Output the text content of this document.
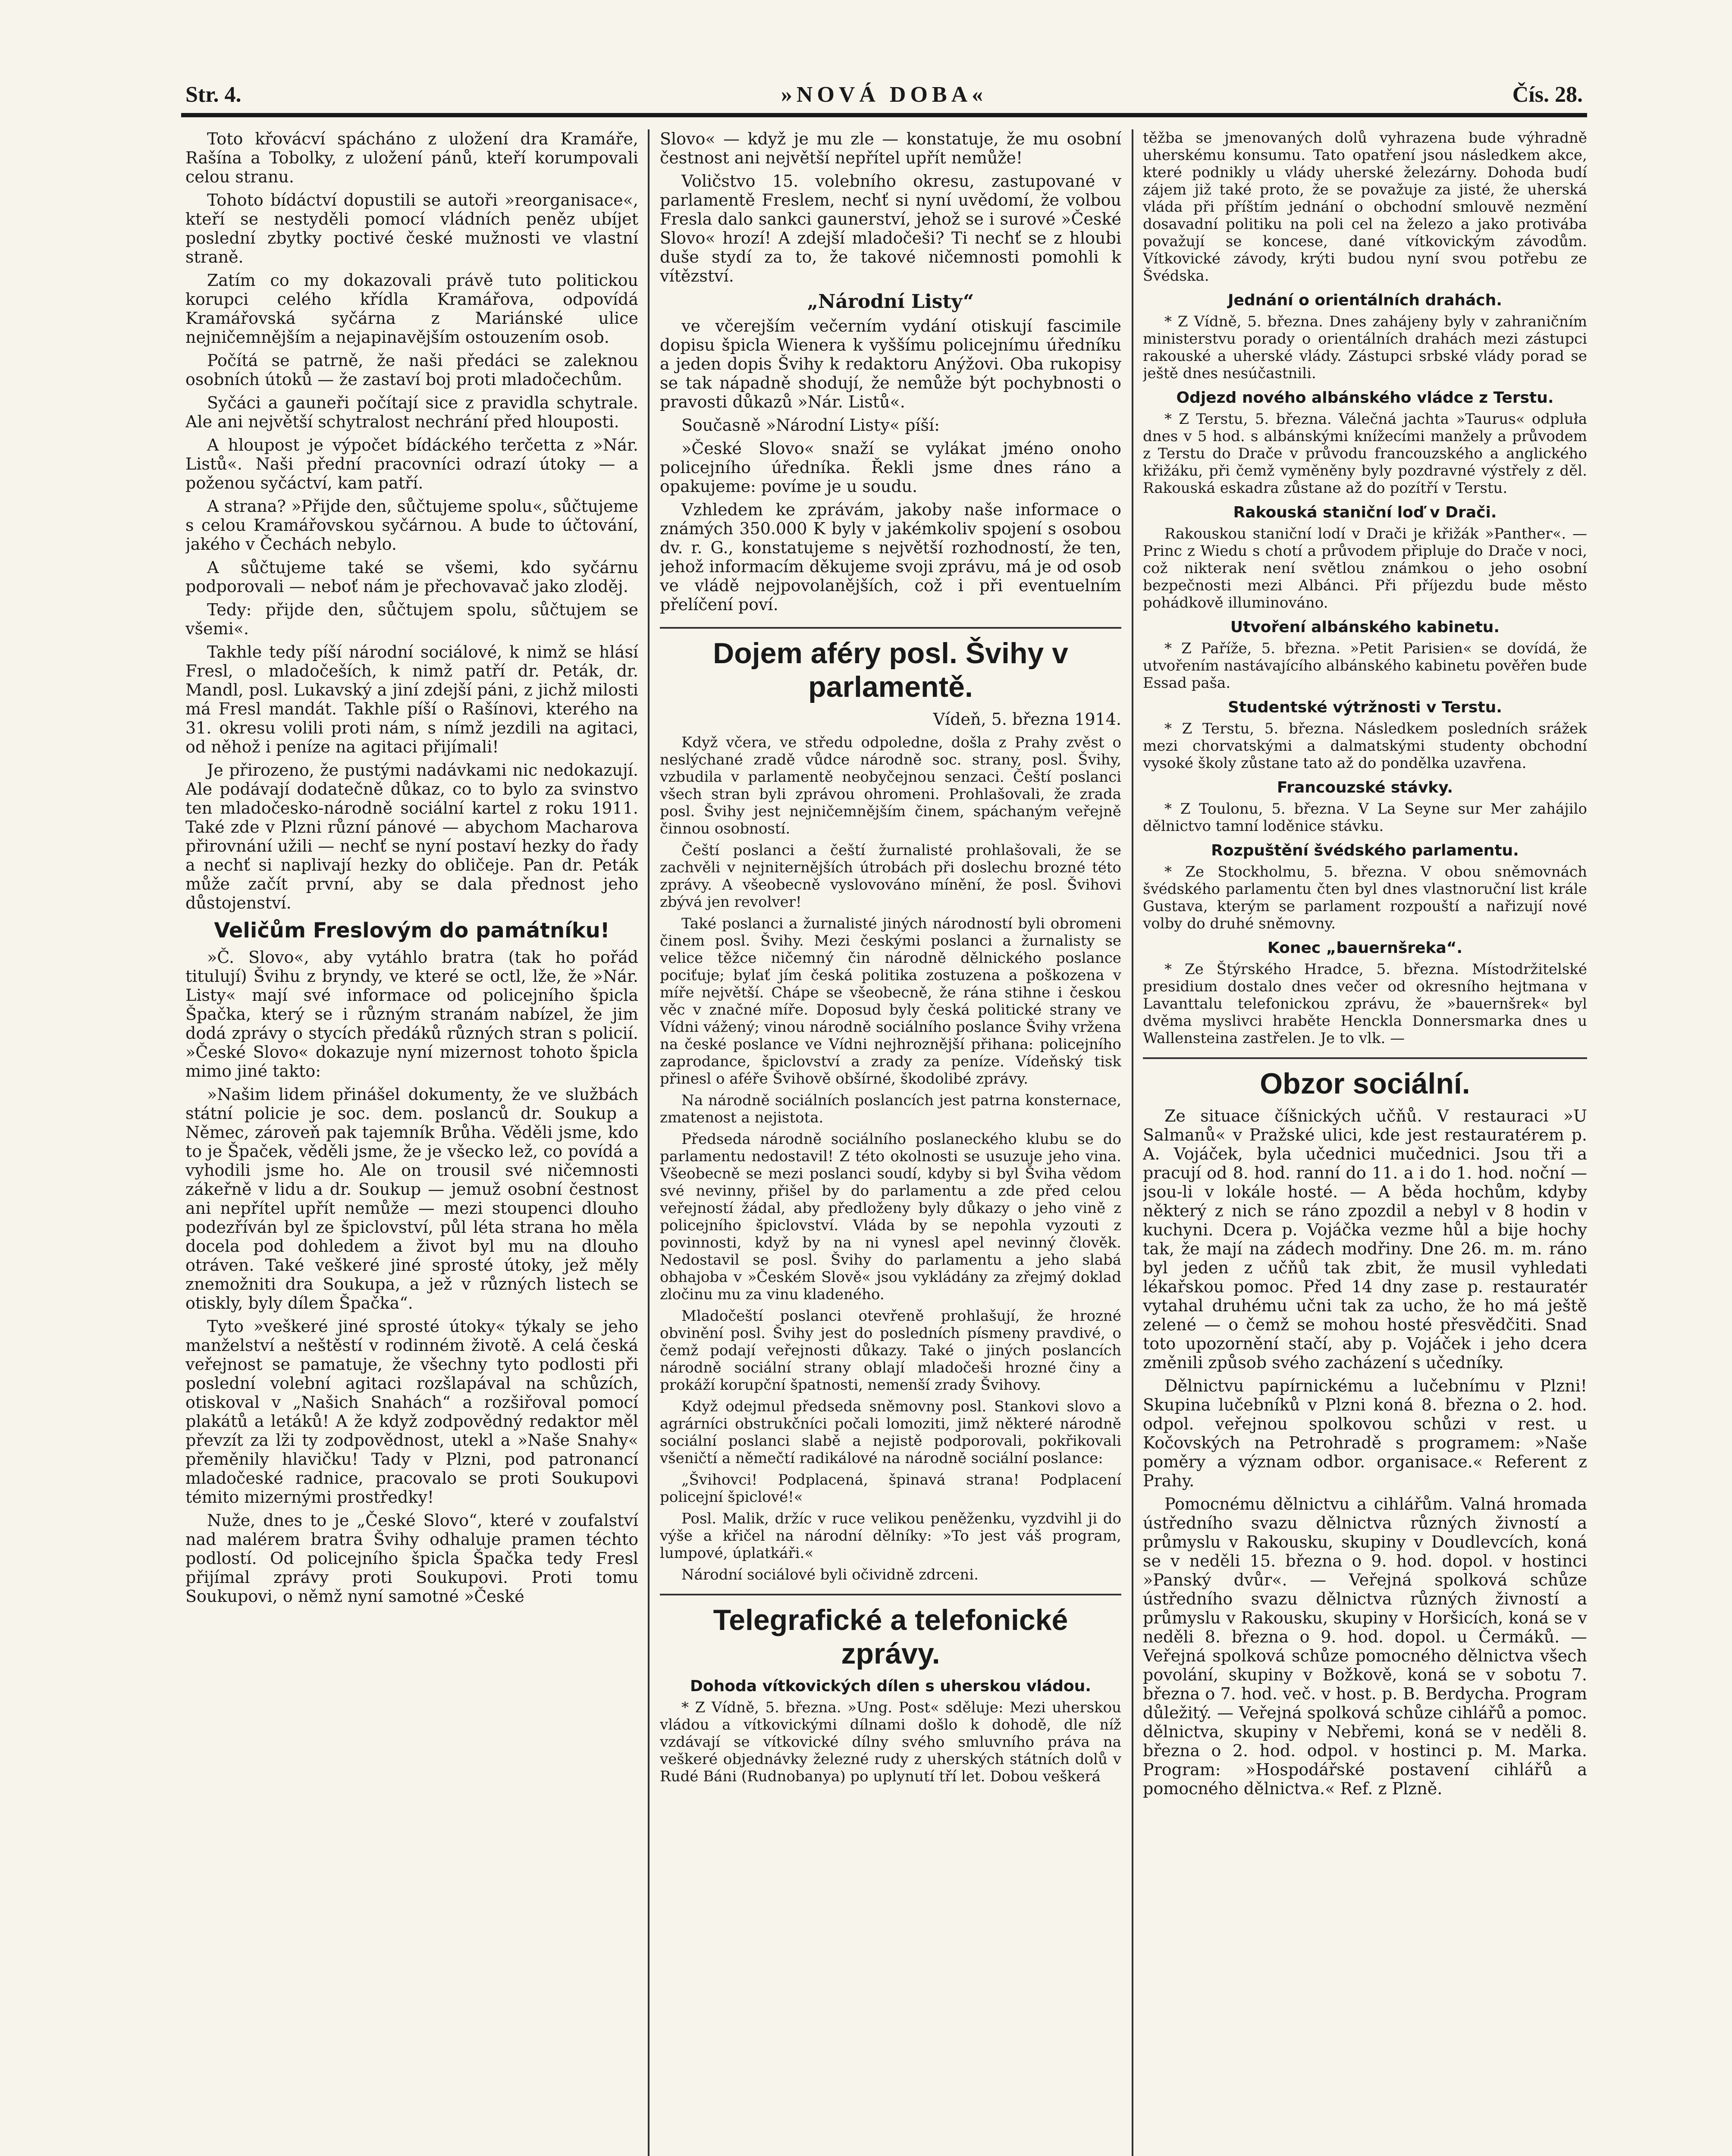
Str. 4.	»NOVÁ DOBA«	Čís. 28.

Toto křovácví spácháno z uložení dra Kramáře, Rašína a Tobolky, z uložení pánů, kteří korumpovali celou stranu.

Tohoto bídáctví dopustili se autoři »reorganisace«, kteří se nestyděli pomocí vládních peněz ubíjet poslední zbytky poctivé české mužnosti ve vlastní straně.

Zatím co my dokazovali právě tuto politickou korupci celého křídla Kramářova, odpovídá Kramářovská syčárna z Mariánské ulice nejničemnějším a nejapinavějším ostouzením osob.

Počítá se patrně, že naši předáci se zaleknou osobních útoků — že zastaví boj proti mladočechům.

Syčáci a gauneři počítají sice z pravidla schytrale. Ale ani největší schytralost nechrání před hlouposti.

A hloupost je výpočet bídáckého terčetta z »Nár. Listů«. Naši přední pracovníci odrazí útoky — a poženou syčáctví, kam patří.

A strana? »Přijde den, sůčtujeme spolu«, sůčtujeme s celou Kramářovskou syčárnou. A bude to účtování, jakého v Čechách nebylo.

A sůčtujeme také se všemi, kdo syčárnu podporovali — neboť nám je přechovavač jako zloděj.

Tedy: přijde den, sůčtujem spolu, sůčtujem se všemi«.

Takhle tedy píší národní sociálové, k nimž se hlásí Fresl, o mladočeších, k nimž patří dr. Peták, dr. Mandl, posl. Lukavský a jiní zdejší páni, z jichž milosti má Fresl mandát. Takhle píší o Rašínovi, kterého na 31. okresu volili proti nám, s nímž jezdili na agitaci, od něhož i peníze na agitaci přijímali!

Je přirozeno, že pustými nadávkami nic nedokazují. Ale podávají dodatečně důkaz, co to bylo za svinstvo ten mladočesko-národně sociální kartel z roku 1911. Také zde v Plzni různí pánové — abychom Macharova přirovnání užili — nechť se nyní postaví hezky do řady a nechť si naplivají hezky do obličeje. Pan dr. Peták může začít první, aby se dala přednost jeho důstojenství.

Veličům Freslovým do památníku!

»Č. Slovo«, aby vytáhlo bratra (tak ho pořád titulují) Švihu z bryndy, ve které se octl, lže, že »Nár. Listy« mají své informace od policejního špicla Špačka, který se i různým stranám nabízel, že jim dodá zprávy o stycích předáků různých stran s policií. »České Slovo« dokazuje nyní mizernost tohoto špicla mimo jiné takto:

»Našim lidem přinášel dokumenty, že ve službách státní policie je soc. dem. poslanců dr. Soukup a Němec, zároveň pak tajemník Brůha. Věděli jsme, kdo to je Špaček, věděli jsme, že je všecko lež, co povídá a vyhodili jsme ho. Ale on trousil své ničemnosti zákeřně v lidu a dr. Soukup — jemuž osobní čestnost ani nepřítel upřít nemůže — mezi stoupenci dlouho podezříván byl ze špiclovství, půl léta strana ho měla docela pod dohledem a život byl mu na dlouho otráven. Také veškeré jiné sprosté útoky, jež měly znemožniti dra Soukupa, a jež v různých listech se otiskly, byly dílem Špačka“.

Tyto »veškeré jiné sprosté útoky« týkaly se jeho manželství a neštěstí v rodinném životě. A celá česká veřejnost se pamatuje, že všechny tyto podlosti při poslední volební agitaci rozšlapával na schůzích, otiskoval v „Našich Snahách“ a rozšiřoval pomocí plakátů a letáků! A že když zodpovědný redaktor měl převzít za lži ty zodpovědnost, utekl a »Naše Snahy« přeměnily hlavičku! Tady v Plzni, pod patronancí mladočeské radnice, pracovalo se proti Soukupovi témito mizernými prostředky!

Nuže, dnes to je „České Slovo“, které v zoufalství nad malérem bratra Švihy odhaluje pramen téchto podlostí. Od policejního špicla Špačka tedy Fresl přijímal zprávy proti Soukupovi. Proti tomu Soukupovi, o němž nyní samotné »České

Slovo« — když je mu zle — konstatuje, že mu osobní čestnost ani největší nepřítel upřít nemůže!

Voličstvo 15. volebního okresu, zastupované v parlamentě Freslem, nechť si nyní uvědomí, že volbou Fresla dalo sankci gaunerství, jehož se i surové »České Slovo« hrozí! A zdejší mladočeši? Ti nechť se z hloubi duše stydí za to, že takové ničemnosti pomohli k vítězství.

„Národní Listy“

ve včerejším večerním vydání otiskují fascimile dopisu špicla Wienera k vyššímu policejnímu úředníku a jeden dopis Švihy k redaktoru Anýžovi. Oba rukopisy se tak nápadně shodují, že nemůže být pochybnosti o pravosti důkazů »Nár. Listů«.

Současně »Národní Listy« píší:

»České Slovo« snaží se vylákat jméno onoho policejního úředníka. Řekli jsme dnes ráno a opakujeme: povíme je u soudu.

Vzhledem ke zprávám, jakoby naše informace o známých 350.000 K byly v jakémkoliv spojení s osobou dv. r. G., konstatujeme s největší rozhodností, že ten, jehož informacím děkujeme svoji zprávu, má je od osob ve vládě nejpovolanějších, což i při eventuelním přelíčení poví.

Dojem aféry posl. Švihy v parlamentě.
Vídeň, 5. března 1914.

Když včera, ve středu odpoledne, došla z Prahy zvěst o neslýchané zradě vůdce národně soc. strany, posl. Švihy, vzbudila v parlamentě neobyčejnou senzaci. Čeští poslanci všech stran byli zprávou ohromeni. Prohlašovali, že zrada posl. Švihy jest nejničemnějším činem, spáchaným veřejně činnou osobností.

Čeští poslanci a čeští žurnalisté prohlašovali, že se zachvěli v nejniternějších útrobách při doslechu brozné této zprávy. A všeobecně vyslovováno mínění, že posl. Švihovi zbývá jen revolver!

Také poslanci a žurnalisté jiných národností byli obromeni činem posl. Švihy. Mezi českými poslanci a žurnalisty se velice těžce ničemný čin národně dělnického poslance pociťuje; bylať jím česká politika zostuzena a poškozena v míře největší. Chápe se všeobecně, že rána stihne i českou věc v značné míře. Doposud byly česká politické strany ve Vídni vážený; vinou národně sociálního poslance Švihy vržena na české poslance ve Vídni nejhroznější přihana: policejního zaprodance, špiclovství a zrady za peníze. Vídeňský tisk přinesl o aféře Švihově obšírné, škodolibé zprávy.

Na národně sociálních poslancích jest patrna konsternace, zmatenost a nejistota.

Předseda národně sociálního poslaneckého klubu se do parlamentu nedostavil! Z této okolnosti se usuzuje jeho vina. Všeobecně se mezi poslanci soudí, kdyby si byl Šviha vědom své nevinny, přišel by do parlamentu a zde před celou veřejností žádal, aby předloženy byly důkazy o jeho vině z policejního špiclovství. Vláda by se nepohla vyzouti z povinnosti, když by na ni vynesl apel nevinný člověk. Nedostavil se posl. Švihy do parlamentu a jeho slabá obhajoba v »Českém Slově« jsou vykládány za zřejmý doklad zločinu mu za vinu kladeného.

Mladočeští poslanci otevřeně prohlašují, že hrozné obvinění posl. Švihy jest do posledních písmeny pravdivé, o čemž podají veřejnosti důkazy. Také o jiných poslancích národně sociální strany oblají mladočeši hrozné činy a prokáží korupční špatnosti, nemenší zrady Švihovy.

Když odejmul předseda sněmovny posl. Stankovi slovo a agrárníci obstrukčníci počali lomoziti, jimž některé národně sociální poslanci slabě a nejistě podporovali, pokřikovali všeničtí a němečtí radikálové na národně sociální poslance:

„Švihovci! Podplacená, špinavá strana! Podplacení policejní špiclové!«

Posl. Malik, držíc v ruce velikou peněženku, vyzdvihl ji do výše a křičel na národní dělníky: »To jest váš program, lumpové, úplatkáři.«

Národní sociálové byli očividně zdrceni.

Telegrafické a telefonické zprávy.
Dohoda vítkovických dílen s uherskou vládou.

* Z Vídně, 5. března. »Ung. Post« sděluje: Mezi uherskou vládou a vítkovickými dílnami došlo k dohodě, dle níž vzdávají se vítkovické dílny svého smluvního práva na veškeré objednávky železné rudy z uherských státních dolů v Rudé Báni (Rudnobanya) po uplynutí tří let. Dobou veškerá

těžba se jmenovaných dolů vyhrazena bude výhradně uherskému konsumu. Tato opatření jsou následkem akce, které podnikly u vlády uherské železárny. Dohoda budí zájem již také proto, že se považuje za jisté, že uherská vláda při příštím jednání o obchodní smlouvě nezmění dosavadní politiku na poli cel na železo a jako protivába považují se koncese, dané vítkovickým závodům. Vítkovické závody, krýti budou nyní svou potřebu ze Švédska.

Jednání o orientálních drahách.

* Z Vídně, 5. března. Dnes zahájeny byly v zahraničním ministerstvu porady o orientálních drahách mezi zástupci rakouské a uherské vlády. Zástupci srbské vlády porad se ještě dnes nesúčastnili.

Odjezd nového albánského vládce z Terstu.

* Z Terstu, 5. března. Válečná jachta »Taurus« odpluła dnes v 5 hod. s albánskými knížecími manžely a průvodem z Terstu do Drače v průvodu francouzského a anglického křižáku, při čemž vyměněny byly pozdravné výstřely z děl. Rakouská eskadra zůstane až do pozítří v Terstu.

Rakouská staniční loď v Drači.

Rakouskou staniční lodí v Drači je křižák »Panther«. — Princ z Wiedu s chotí a průvodem připluje do Drače v noci, což nikterak není světlou známkou o jeho osobní bezpečnosti mezi Albánci. Při příjezdu bude město pohádkově illuminováno.

Utvoření albánského kabinetu.

* Z Paříže, 5. března. »Petit Parisien« se dovídá, že utvořením nastávajícího albánského kabinetu pověřen bude Essad paša.

Studentské výtržnosti v Terstu.

* Z Terstu, 5. března. Následkem posledních srážek mezi chorvatskými a dalmatskými studenty obchodní vysoké školy zůstane tato až do pondělka uzavřena.

Francouzské stávky.

* Z Toulonu, 5. března. V La Seyne sur Mer zahájilo dělnictvo tamní loděnice stávku.

Rozpuštění švédského parlamentu.

* Ze Stockholmu, 5. března. V obou sněmovnách švédského parlamentu čten byl dnes vlastnoruční list krále Gustava, kterým se parlament rozpouští a nařizují nové volby do druhé sněmovny.

Konec „bauernšreka“.

* Ze Štýrského Hradce, 5. března. Místodržitelské presidium dostalo dnes večer od okresního hejtmana v Lavanttalu telefonickou zprávu, že »bauernšrek« byl dvěma myslivci hraběte Henckla Donnersmarka dnes u Wallensteina zastřelen. Je to vlk. —

Obzor sociální.

Ze situace číšnických učňů. V restauraci »U Salmanů« v Pražské ulici, kde jest restauratérem p. A. Vojáček, byla učednici mučednici. Jsou tři a pracují od 8. hod. ranní do 11. a i do 1. hod. noční — jsou-li v lokále hosté. — A běda hochům, kdyby některý z nich se ráno zpozdil a nebyl v 8 hodin v kuchyni. Dcera p. Vojáčka vezme hůl a bije hochy tak, že mají na zádech modřiny. Dne 26. m. m. ráno byl jeden z učňů tak zbit, že musil vyhledati lékařskou pomoc. Před 14 dny zase p. restauratér vytahal druhému učni tak za ucho, že ho má ještě zelené — o čemž se mohou hosté přesvědčiti. Snad toto upozornění stačí, aby p. Vojáček i jeho dcera změnili způsob svého zacházení s učedníky.

Dělnictvu papírnickému a lučebnímu v Plzni! Skupina lučebníků v Plzni koná 8. března o 2. hod. odpol. veřejnou spolkovou schůzi v rest. u Kočovských na Petrohradě s programem: »Naše poměry a význam odbor. organisace.« Referent z Prahy.

Pomocnému dělnictvu a cihlářům. Valná hromada ústředního svazu dělnictva různých živností a průmyslu v Rakousku, skupiny v Doudlevcích, koná se v neděli 15. března o 9. hod. dopol. v hostinci »Panský dvůr«. — Veřejná spolková schůze ústředního svazu dělnictva různých živností a průmyslu v Rakousku, skupiny v Horšicích, koná se v neděli 8. března o 9. hod. dopol. u Čermáků. — Veřejná spolková schůze pomocného dělnictva všech povolání, skupiny v Božkově, koná se v sobotu 7. března o 7. hod. več. v host. p. B. Berdycha. Program důležitý. — Veřejná spolková schůze cihlářů a pomoc. dělnictva, skupiny v Nebřemi, koná se v neděli 8. března o 2. hod. odpol. v hostinci p. M. Marka. Program: »Hospodářské postavení cihlářů a pomocného dělnictva.« Ref. z Plzně.
